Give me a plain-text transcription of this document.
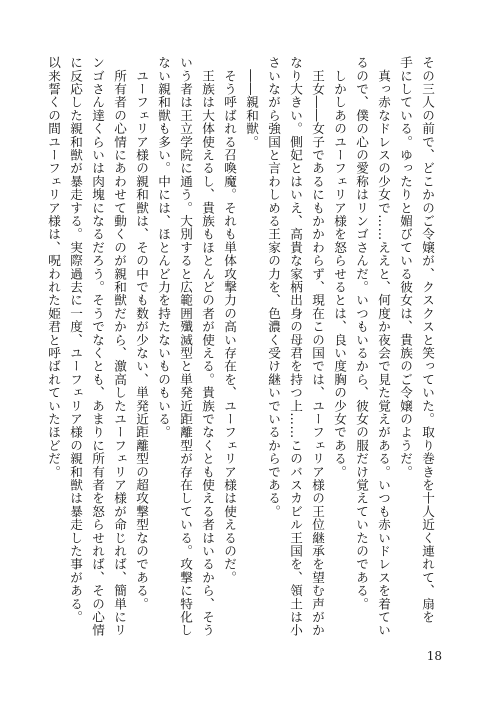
その三人の前で、どこかのご令嬢が、クスクスと笑っていた。取り巻きを十人近く連れて、扇を

手にしている。ゆったりと媚びている彼女は、貴族のご令嬢のようだ。

　真っ赤なドレスの少女で……ええと、何度か夜会で見た覚えがある。いつも赤いドレスを着てい

るので、僕の心の愛称はリンゴさんだ。いつもいるから、彼女の服だけ覚えていたのである。

　しかしあのユーフェリア様を怒らせるとは、良い度胸の少女である。

　王女――女子であるにもかかわらず、現在この国では、ユーフェリア様の王位継承を望む声がか

なり大きい。側妃とはいえ、高貴な家柄出身の母君を持つ上……このバスカビル王国を、領土は小

さいながら強国と言わしめる王家の力を、色濃く受け継いでいるからである。

　――親和獣。

　そう呼ばれる召喚魔。それも単体攻撃力の高い存在を、ユーフェリア様は使えるのだ。

　王族は大体使えるし、貴族もほとんどの者が使える。貴族でなくとも使える者はいるから、そう

いう者は王立学院に通う。大別すると広範囲殲滅型と単発近距離型が存在している。攻撃に特化し

ない親和獣も多い。中には、ほとんど力を持たないものもいる。

　ユーフェリア様の親和獣は、その中でも数が少ない、単発近距離型の超攻撃型なのである。

　所有者の心情にあわせて動くのが親和獣だから、激高したユーフェリア様が命じれば、簡単にリ

ンゴさん達くらいは肉塊になるだろう。そうでなくとも、あまりに所有者を怒らせれば、その心情

に反応した親和獣が暴走する。実際過去に一度、ユーフェリア様の親和獣は暴走した事がある。

以来誓くの間ユーフェリア様は、呪われた姫君と呼ばれていたほどだ。

18
